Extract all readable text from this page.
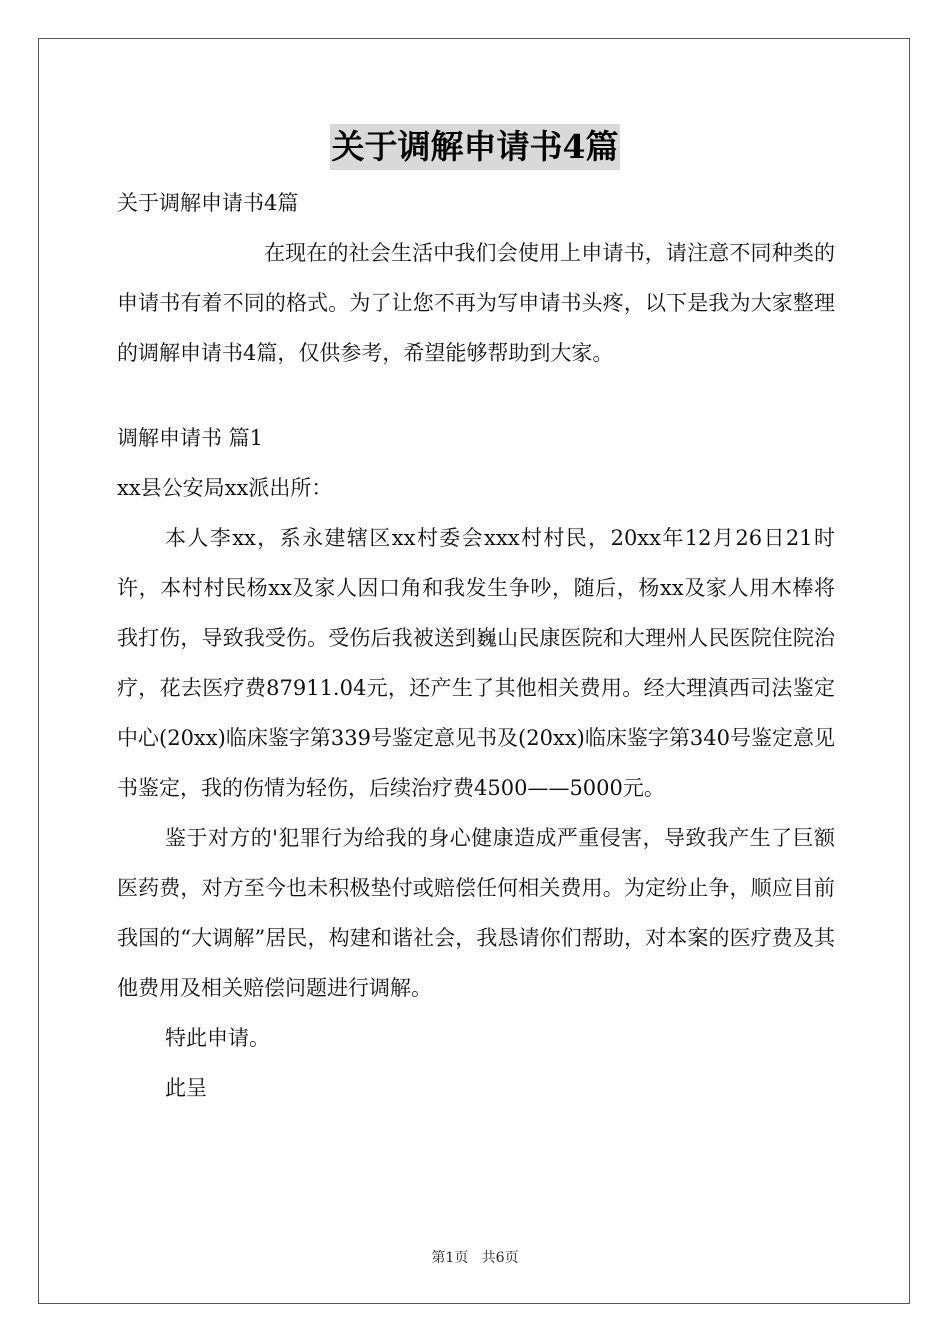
关于调解申请书4篇

关于调解申请书4篇

在现在的社会生活中我们会使用上申请书，请注意不同种类的申请书有着不同的格式。为了让您不再为写申请书头疼，以下是我为大家整理的调解申请书4篇，仅供参考，希望能够帮助到大家。

调解申请书 篇1

xx县公安局xx派出所：

本人李xx，系永建辖区xx村委会xxx村村民，20xx年12月26日21时许，本村村民杨xx及家人因口角和我发生争吵，随后，杨xx及家人用木棒将我打伤，导致我受伤。受伤后我被送到巍山民康医院和大理州人民医院住院治疗，花去医疗费87911.04元，还产生了其他相关费用。经大理滇西司法鉴定中心(20xx)临床鉴字第339号鉴定意见书及(20xx)临床鉴字第340号鉴定意见书鉴定，我的伤情为轻伤，后续治疗费4500——5000元。

鉴于对方的'犯罪行为给我的身心健康造成严重侵害，导致我产生了巨额医药费，对方至今也未积极垫付或赔偿任何相关费用。为定纷止争，顺应目前我国的“大调解”居民，构建和谐社会，我恳请你们帮助，对本案的医疗费及其他费用及相关赔偿问题进行调解。

特此申请。

此呈

第1页   共6页
